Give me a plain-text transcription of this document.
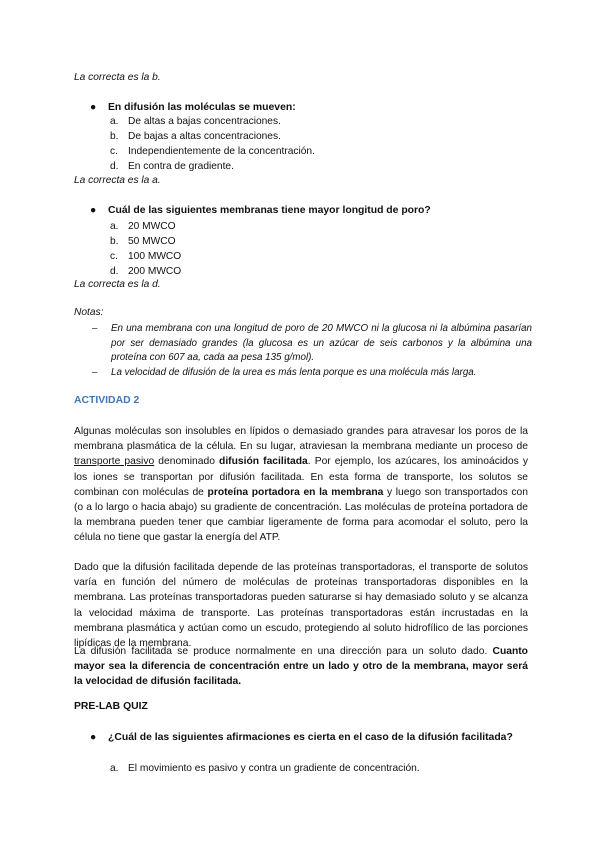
La correcta es la b.
● En difusión las moléculas se mueven:
a. De altas a bajas concentraciones.
b. De bajas a altas concentraciones.
c. Independientemente de la concentración.
d. En contra de gradiente.
La correcta es la a.
● Cuál de las siguientes membranas tiene mayor longitud de poro?
a. 20 MWCO
b. 50 MWCO
c. 100 MWCO
d. 200 MWCO
La correcta es la d.
Notas:
– En una membrana con una longitud de poro de 20 MWCO ni la glucosa ni la albúmina pasarían por ser demasiado grandes (la glucosa es un azúcar de seis carbonos y la albúmina una proteína con 607 aa, cada aa pesa 135 g/mol).
– La velocidad de difusión de la urea es más lenta porque es una molécula más larga.
ACTIVIDAD 2
Algunas moléculas son insolubles en lípidos o demasiado grandes para atravesar los poros de la membrana plasmática de la célula. En su lugar, atraviesan la membrana mediante un proceso de transporte pasivo denominado difusión facilitada. Por ejemplo, los azúcares, los aminoácidos y los iones se transportan por difusión facilitada. En esta forma de transporte, los solutos se combinan con moléculas de proteína portadora en la membrana y luego son transportados con (o a lo largo o hacia abajo) su gradiente de concentración. Las moléculas de proteína portadora de la membrana pueden tener que cambiar ligeramente de forma para acomodar el soluto, pero la célula no tiene que gastar la energía del ATP.
Dado que la difusión facilitada depende de las proteínas transportadoras, el transporte de solutos varía en función del número de moléculas de proteínas transportadoras disponibles en la membrana. Las proteínas transportadoras pueden saturarse si hay demasiado soluto y se alcanza la velocidad máxima de transporte. Las proteínas transportadoras están incrustadas en la membrana plasmática y actúan como un escudo, protegiendo al soluto hidrofílico de las porciones lipídicas de la membrana.
La difusión facilitada se produce normalmente en una dirección para un soluto dado. Cuanto mayor sea la diferencia de concentración entre un lado y otro de la membrana, mayor será la velocidad de difusión facilitada.
PRE-LAB QUIZ
● ¿Cuál de las siguientes afirmaciones es cierta en el caso de la difusión facilitada?
a. El movimiento es pasivo y contra un gradiente de concentración.
